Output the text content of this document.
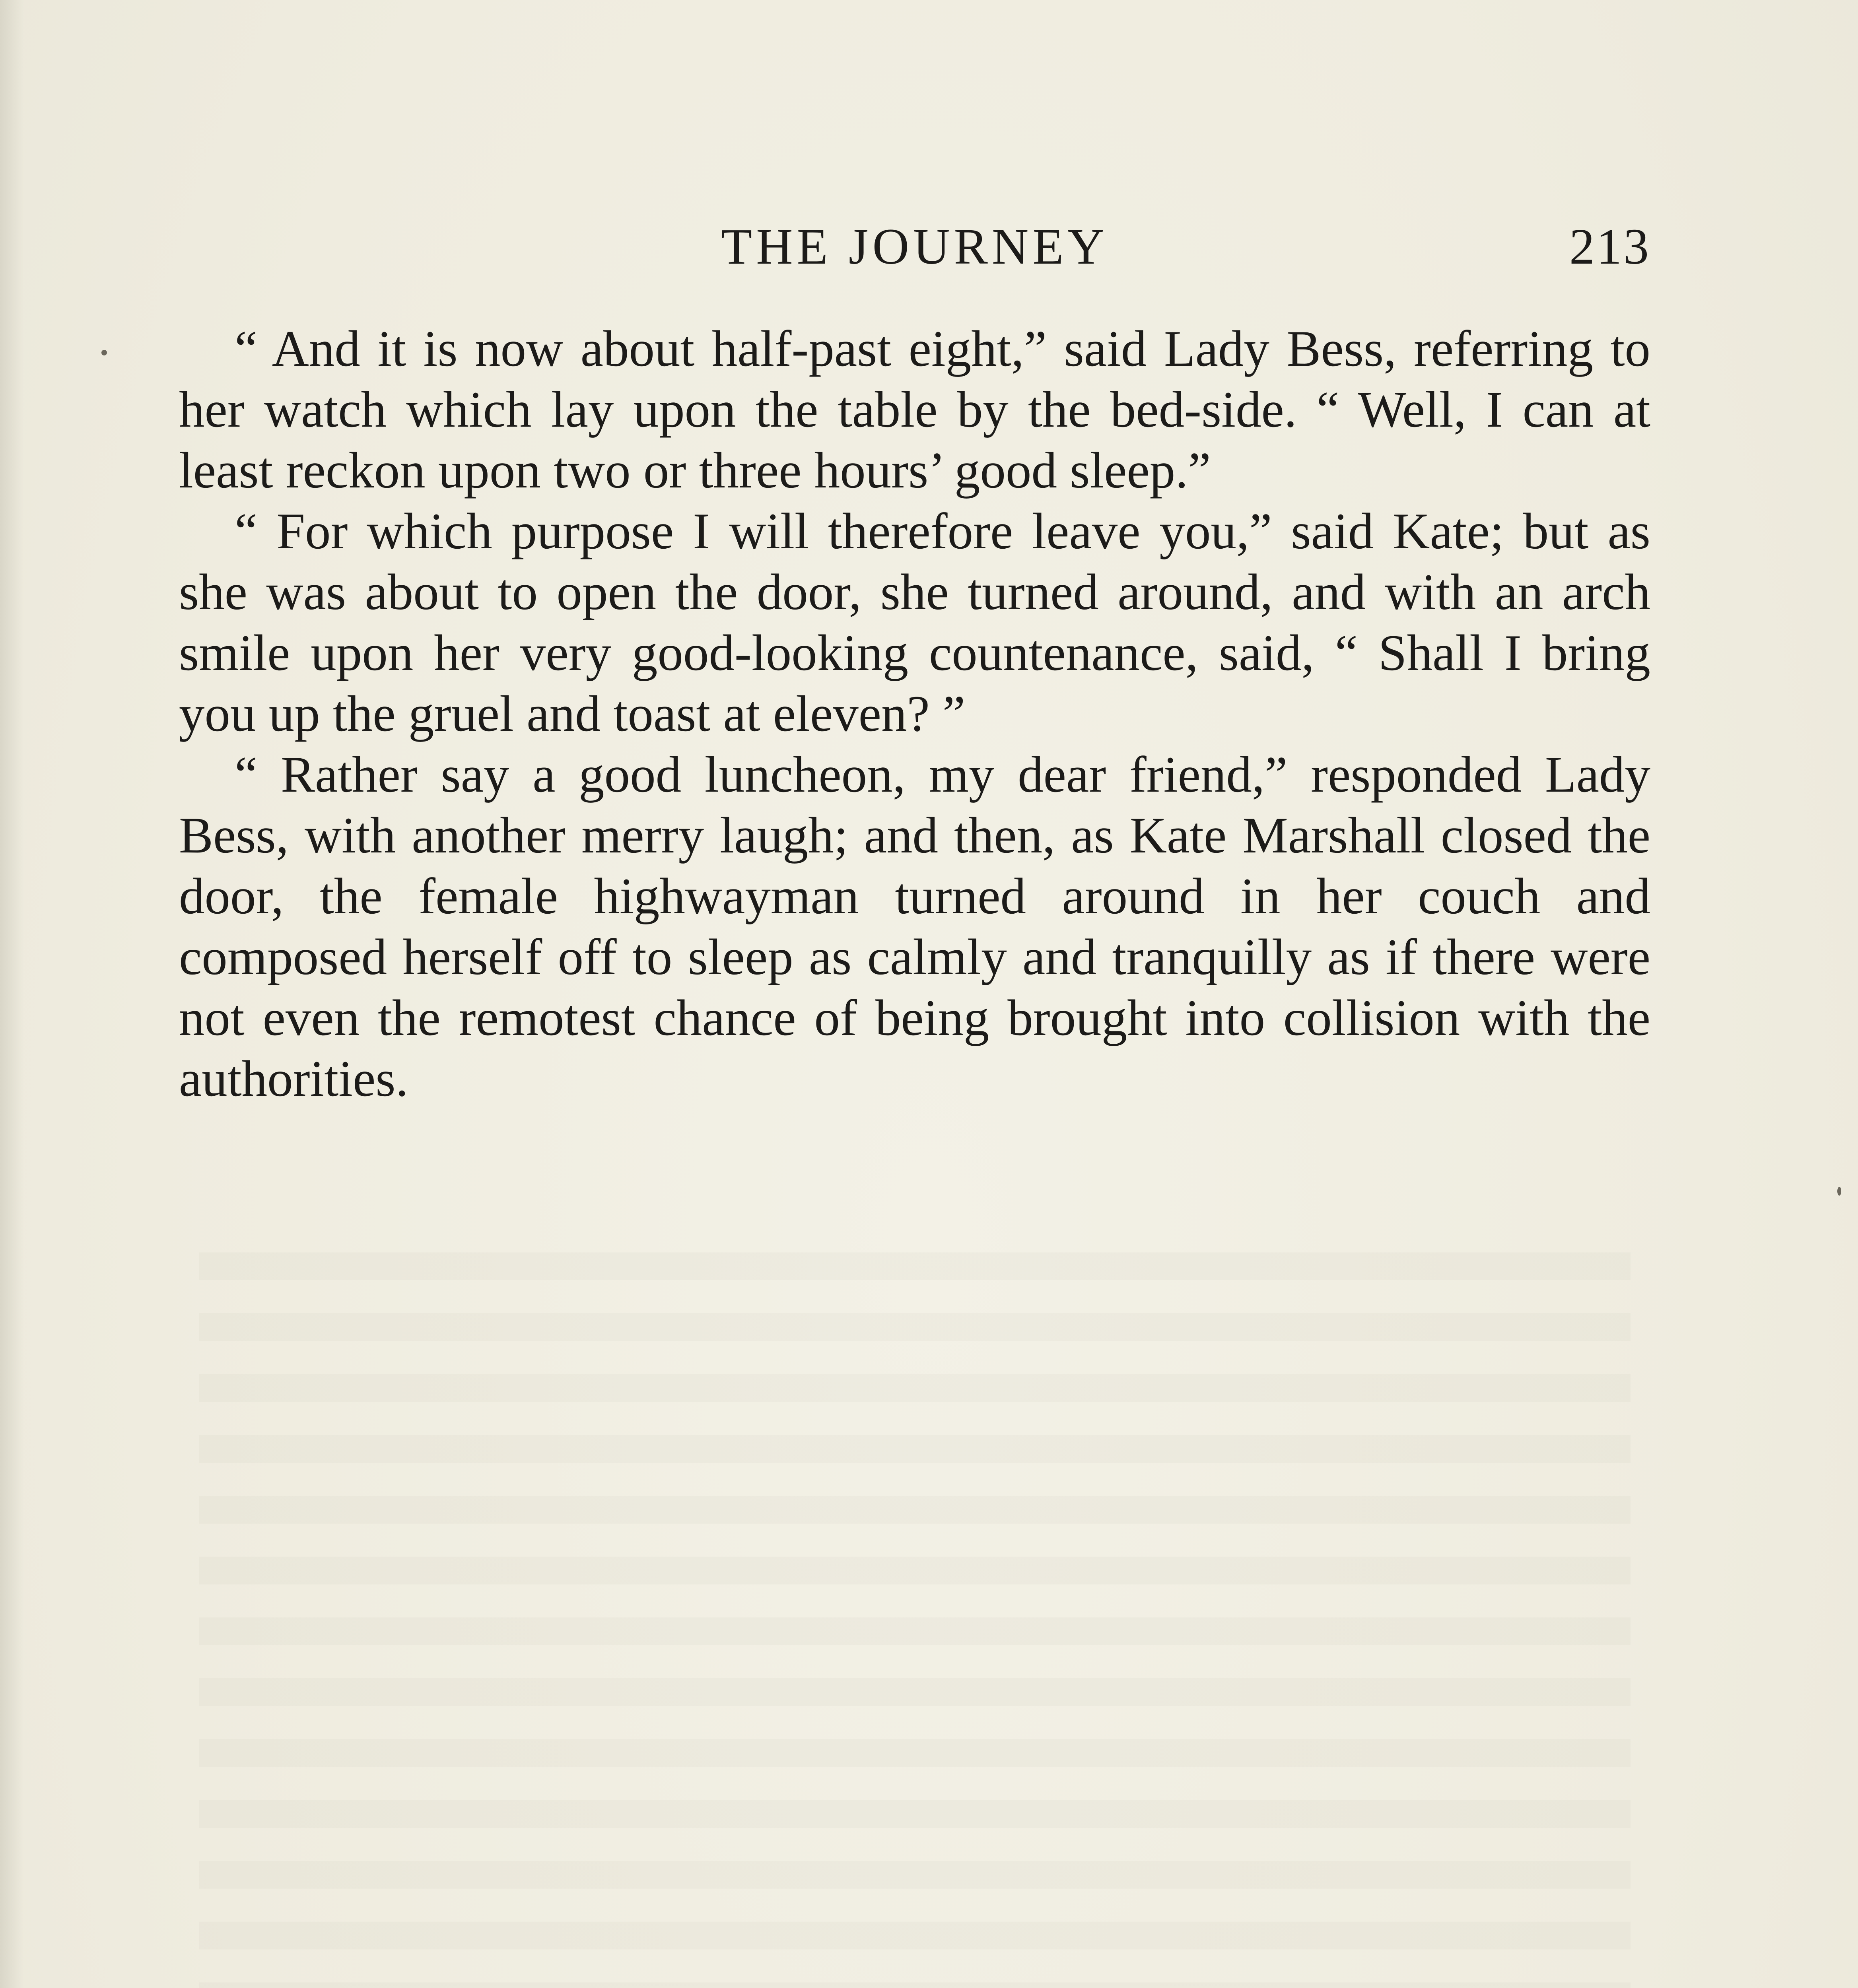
THE JOURNEY	213

“ And it is now about half-past eight,” said Lady Bess, referring to her watch which lay upon the table by the bed-side. “ Well, I can at least reckon upon two or three hours’ good sleep.”

“ For which purpose I will therefore leave you,” said Kate; but as she was about to open the door, she turned around, and with an arch smile upon her very good-looking countenance, said, “ Shall I bring you up the gruel and toast at eleven? ”

“ Rather say a good luncheon, my dear friend,” responded Lady Bess, with another merry laugh; and then, as Kate Marshall closed the door, the female highwayman turned around in her couch and composed herself off to sleep as calmly and tranquilly as if there were not even the remotest chance of being brought into collision with the authorities.
